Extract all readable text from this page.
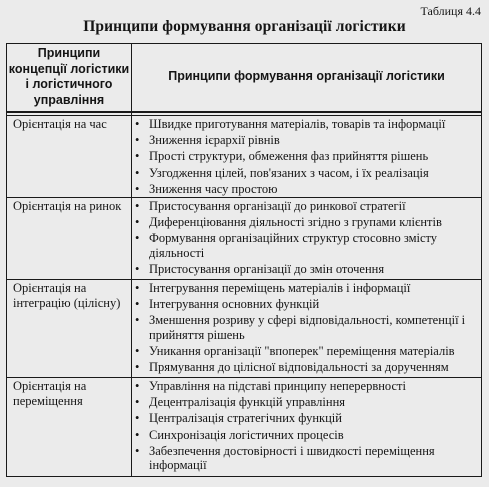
Таблиця 4.4
Принципи формування організації логістики
Принципи концепції логістики і логістичного управління
Принципи формування організації логістики
Орієнтація на час	• Швидке приготування матеріалів, товарів та інформації
• Зниження ієрархії рівнів
• Прості структури, обмеження фаз прийняття рішень
• Узгодження цілей, пов'язаних з часом, і їх реалізація
• Зниження часу простою
Орієнтація на ринок	• Пристосування організації до ринкової стратегії
• Диференціювання діяльності згідно з групами клієнтів
• Формування організаційних структур стосовно змісту діяльності
• Пристосування організації до змін оточення
Орієнтація на інтеграцію (цілісну)
• Інтегрування переміщень матеріалів і інформації
• Інтегрування основних функцій
• Зменшення розриву у сфері відповідальності, компетенції і прийняття рішень
• Уникання організації "впоперек" переміщення матеріалів
• Прямування до цілісної відповідальності за дорученням
Орієнтація на переміщення
• Управління на підставі принципу неперервності
• Децентралізація функцій управління
• Централізація стратегічних функцій
• Синхронізація логістичних процесів
• Забезпечення достовірності і швидкості переміщення інформації
